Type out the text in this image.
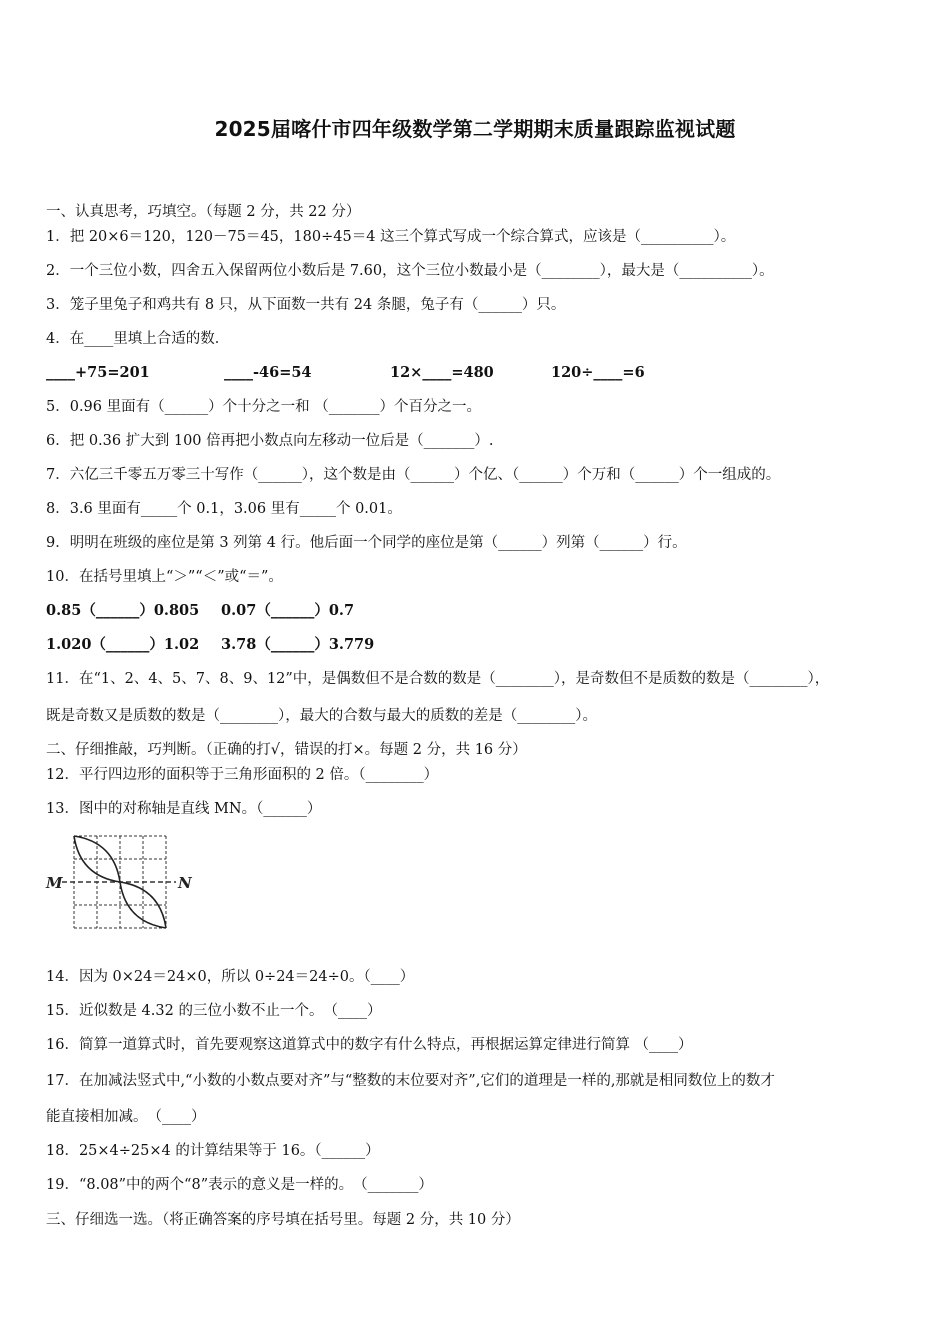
2025届喀什市四年级数学第二学期期末质量跟踪监视试题
一、认真思考，巧填空。（每题 2 分，共 22 分）
1．把 20×6＝120，120－75＝45，180÷45＝4 这三个算式写成一个综合算式，应该是（__________）。
2．一个三位小数，四舍五入保留两位小数后是 7.60，这个三位小数最小是（________），最大是（__________）。
3．笼子里兔子和鸡共有 8 只，从下面数一共有 24 条腿，兔子有（______）只。
4．在____里填上合适的数．
____+75=201	____-46=54	12×____=480	120÷____=6
5．0.96 里面有（______）个十分之一和 （_______）个百分之一。
6．把 0.36 扩大到 100 倍再把小数点向左移动一位后是（_______）.
7．六亿三千零五万零三十写作（______），这个数是由（______）个亿、（______）个万和（______）个一组成的。
8．3.6 里面有_____个 0.1，3.06 里有_____个 0.01。
9．明明在班级的座位是第 3 列第 4 行。他后面一个同学的座位是第（______）列第（______）行。
10．在括号里填上“＞”“＜”或“＝”。
0.85（______）0.805 0.07（______）0.7
1.020（______）1.02 3.78（______）3.779
11．在“1、2、4、5、7、8、9、12”中，是偶数但不是合数的数是（________），是奇数但不是质数的数是（________），
既是奇数又是质数的数是（________），最大的合数与最大的质数的差是（________）。
二、仔细推敲，巧判断。（正确的打√，错误的打×。每题 2 分，共 16 分）
12．平行四边形的面积等于三角形面积的 2 倍。（________）
13．图中的对称轴是直线 MN。（______）
M	N
14．因为 0×24＝24×0，所以 0÷24＝24÷0。（____）
15．近似数是 4.32 的三位小数不止一个。　（____）
16．简算一道算式时，首先要观察这道算式中的数字有什么特点，再根据运算定律进行简算 （____）
17．在加减法竖式中,“小数的小数点要对齐”与“整数的末位要对齐”,它们的道理是一样的,那就是相同数位上的数才
能直接相加减。　（____）
18．25×4÷25×4 的计算结果等于 16。（______）
19．“8.08”中的两个“8”表示的意义是一样的。　（_______）
三、仔细选一选。（将正确答案的序号填在括号里。每题 2 分，共 10 分）
